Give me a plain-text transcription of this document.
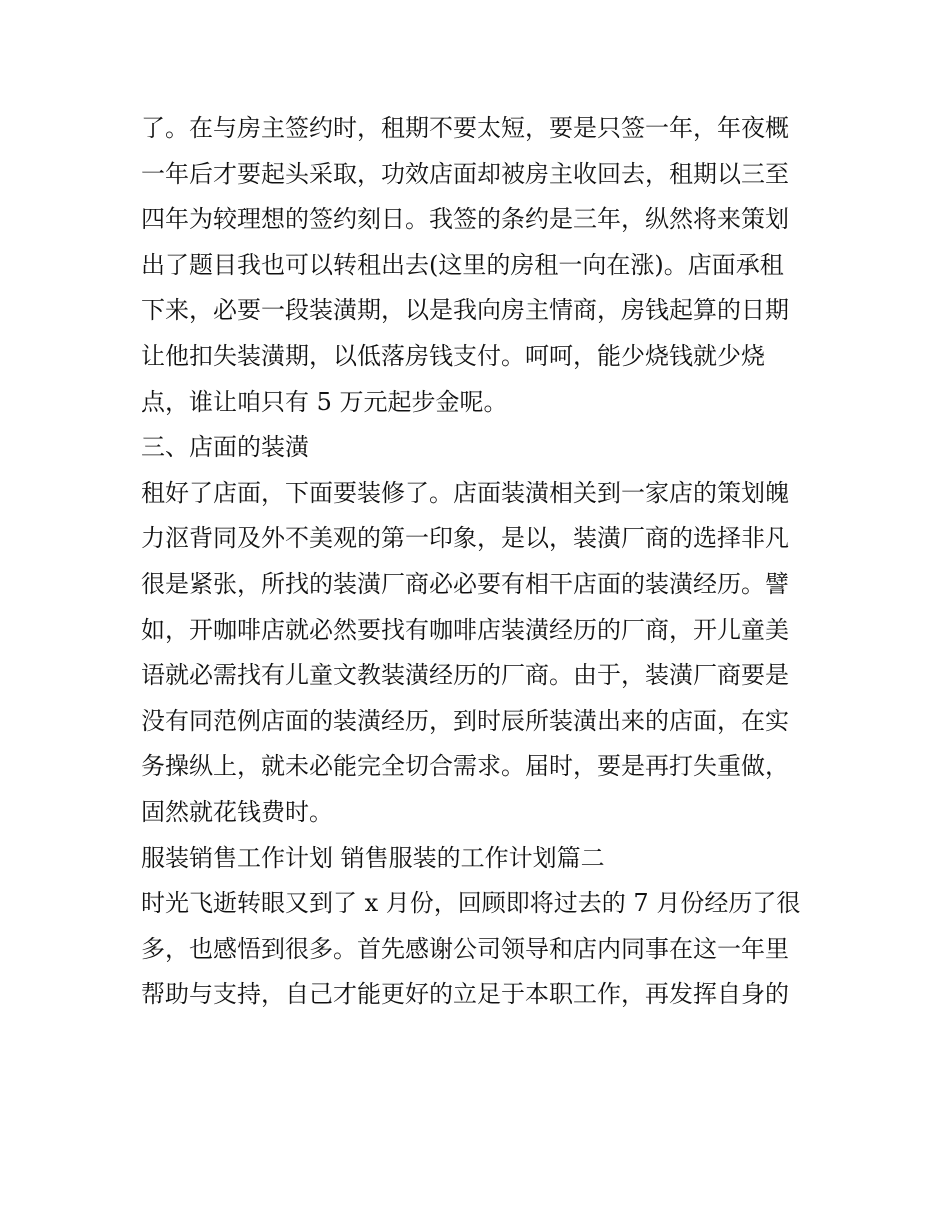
了。在与房主签约时，租期不要太短，要是只签一年，年夜概
一年后才要起头采取，功效店面却被房主收回去，租期以三至
四年为较理想的签约刻日。我签的条约是三年，纵然将来策划
出了题目我也可以转租出去(这里的房租一向在涨)。店面承租
下来，必要一段装潢期，以是我向房主情商，房钱起算的日期
让他扣失装潢期，以低落房钱支付。呵呵，能少烧钱就少烧
点，谁让咱只有 5 万元起步金呢。
三、店面的装潢
租好了店面，下面要装修了。店面装潢相关到一家店的策划魄
力沤背同及外不美观的第一印象，是以，装潢厂商的选择非凡
很是紧张，所找的装潢厂商必必要有相干店面的装潢经历。譬
如，开咖啡店就必然要找有咖啡店装潢经历的厂商，开儿童美
语就必需找有儿童文教装潢经历的厂商。由于，装潢厂商要是
没有同范例店面的装潢经历，到时辰所装潢出来的店面，在实
务操纵上，就未必能完全切合需求。届时，要是再打失重做，
固然就花钱费时。
服装销售工作计划 销售服装的工作计划篇二
时光飞逝转眼又到了 x 月份，回顾即将过去的 7 月份经历了很
多，也感悟到很多。首先感谢公司领导和店内同事在这一年里
帮助与支持，自己才能更好的立足于本职工作，再发挥自身的
